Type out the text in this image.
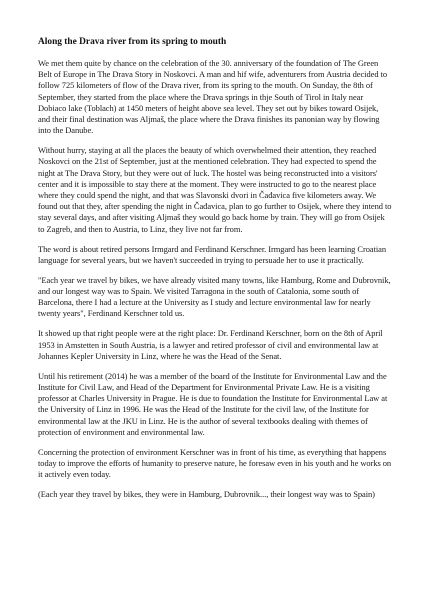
Along the Drava river from its spring to mouth

We met them quite by chance on the celebration of the 30. anniversary of the foundation of The Green Belt of Europe in The Drava Story in Noskovci. A man and hif wife, adventurers from Austria decided to follow 725 kilometers of flow of the Drava river, from its spring to the mouth. On Sunday, the 8th of September, they started from the place where the Drava springs in thje South of Tirol in Italy near Dobiaco lake (Toblach) at 1450 meters of height above sea level. They set out by bikes toward Osijek, and their final destination was Aljmaš, the place where the Drava finishes its panonian way by flowing into the Danube.

Without hurry, staying at all the places the beauty of which overwhelmed their attention, they reached Noskovci on the 21st of September, just at the mentioned celebration. They had expected to spend the night at The Drava Story, but they were out of luck. The hostel was being reconstructed into a visitors' center and it is impossible to stay there at the moment. They were instructed to go to the nearest place where they could spend the night, and that was Slavonski dvori in Čađavica five kilometers away. We found out that they, after spending the night in Čađavica, plan to go further to Osijek, where they intend to stay several days, and after visiting Aljmaš they would go back home by train. They will go from Osijek to Zagreb, and then to Austria, to Linz, they live not far from.

The word is about retired persons Irmgard and Ferdinand Kerschner. Irmgard has been learning Croatian language for several years, but we haven't succeeded in trying to persuade her to use it practically.

"Each year we travel by bikes, we have already visited many towns, like Hamburg, Rome and Dubrovnik, and our longest way was to Spain. We visited Tarragona in the south of Catalonia, some south of Barcelona, there I had a lecture at the University as I study and lecture environmental law for nearly twenty years", Ferdinand Kerschner told us.

It showed up that right people were at the right place: Dr. Ferdinand Kerschner, born on the 8th of April 1953 in Amstetten in South Austria, is a lawyer and retired professor of civil and environmental law at Johannes Kepler University in Linz, where he was the Head of the Senat.

Until his retirement (2014) he was a member of the board of the Institute for Environmental Law and the Institute for Civil Law, and Head of the Department for Environmental Private Law. He is a visiting professor at Charles University in Prague. He is due to foundation the Institute for Environmental Law at the University of Linz in 1996. He was the Head of the Institute for the civil law, of the Institute for environmental law at the JKU in Linz. He is the author of several textbooks dealing with themes of protection of environment and environmental law.

Concerning the protection of environment Kerschner was in front of his time, as everything that happens today to improve the efforts of humanity to preserve nature, he foresaw even in his youth and he works on it actively even today.

(Each year they travel by bikes, they were in Hamburg, Dubrovnik..., their longest way was to Spain)
